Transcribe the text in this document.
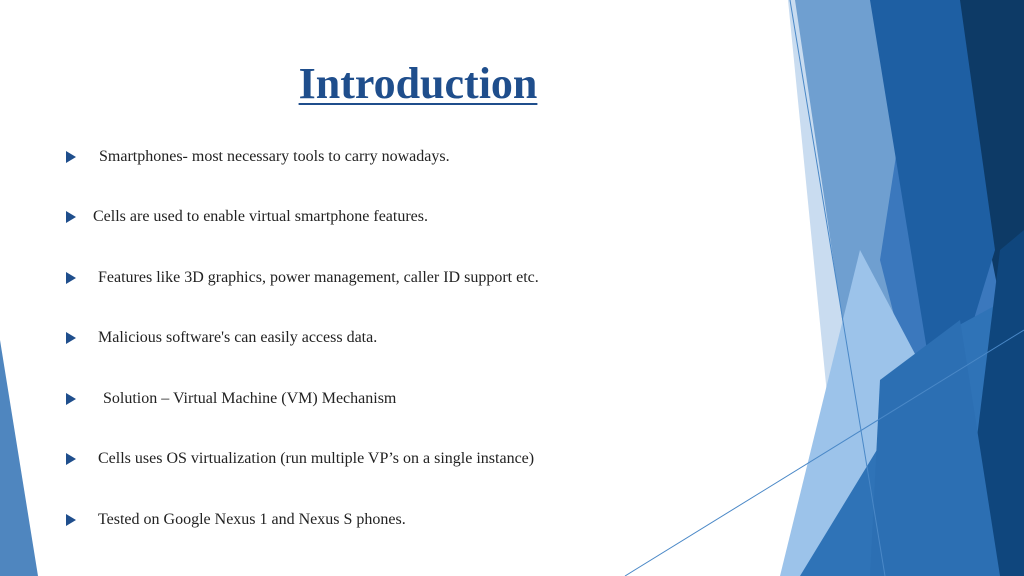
Introduction
Smartphones- most necessary tools to carry nowadays.
Cells are used to enable virtual smartphone features.
Features like 3D graphics, power management, caller ID support etc.
Malicious software's can easily access data.
Solution – Virtual Machine (VM) Mechanism
Cells uses OS virtualization (run multiple VP’s on a single instance)
Tested on Google Nexus 1 and Nexus S phones.
